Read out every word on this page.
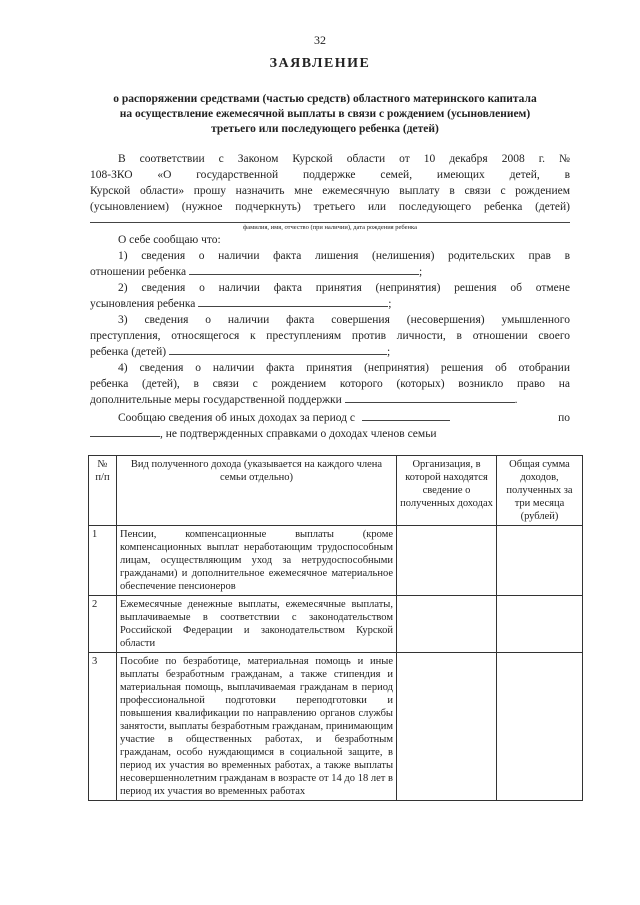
32
ЗАЯВЛЕНИЕ
о распоряжении средствами (частью средств) областного материнского капитала
на осуществление ежемесячной выплаты в связи с рождением (усыновлением)
третьего или последующего ребенка (детей)
В соответствии с Законом Курской области от 10 декабря 2008 г. №
108-ЗКО «О государственной поддержке семей, имеющих детей, в
Курской области» прошу назначить мне ежемесячную выплату в связи с рождением
(усыновлением) (нужное подчеркнуть) третьего или последующего ребенка (детей)
фамилия, имя, отчество (при наличии), дата рождения ребенка
О себе сообщаю что:
1) сведения о наличии факта лишения (нелишения) родительских прав в
отношении ребенка	;
2) сведения о наличии факта принятия (непринятия) решения об отмене
усыновления ребенка	;
3) сведения о наличии факта совершения (несовершения) умышленного
преступления, относящегося к преступлениям против личности, в отношении своего
ребенка (детей)	;
4) сведения о наличии факта принятия (непринятия) решения об отобрании
ребенка (детей), в связи с рождением которого (которых) возникло право на
дополнительные меры государственной поддержки	.
Сообщаю сведения об иных доходах за период с	по
, не подтвержденных справками о доходах членов семьи
№ п/п	Вид полученного дохода (указывается на каждого члена семьи отдельно)	Организация, в которой находятся сведение о полученных доходах	Общая сумма доходов, полученных за три месяца (рублей)
1	Пенсии, компенсационные выплаты (кроме компенсационных выплат неработающим трудоспособным лицам, осуществляющим уход за нетрудоспособными гражданами) и дополнительное ежемесячное материальное обеспечение пенсионеров		
2	Ежемесячные денежные выплаты, ежемесячные выплаты, выплачиваемые в соответствии с законодательством Российской Федерации и законодательством Курской области		
3	Пособие по безработице, материальная помощь и иные выплаты безработным гражданам, а также стипендия и материальная помощь, выплачиваемая гражданам в период профессиональной подготовки переподготовки и повышения квалификации по направлению органов службы занятости, выплаты безработным гражданам, принимающим участие в общественных работах, и безработным гражданам, особо нуждающимся в социальной защите, в период их участия во временных работах, а также выплаты несовершеннолетним гражданам в возрасте от 14 до 18 лет в период их участия во временных работах		
